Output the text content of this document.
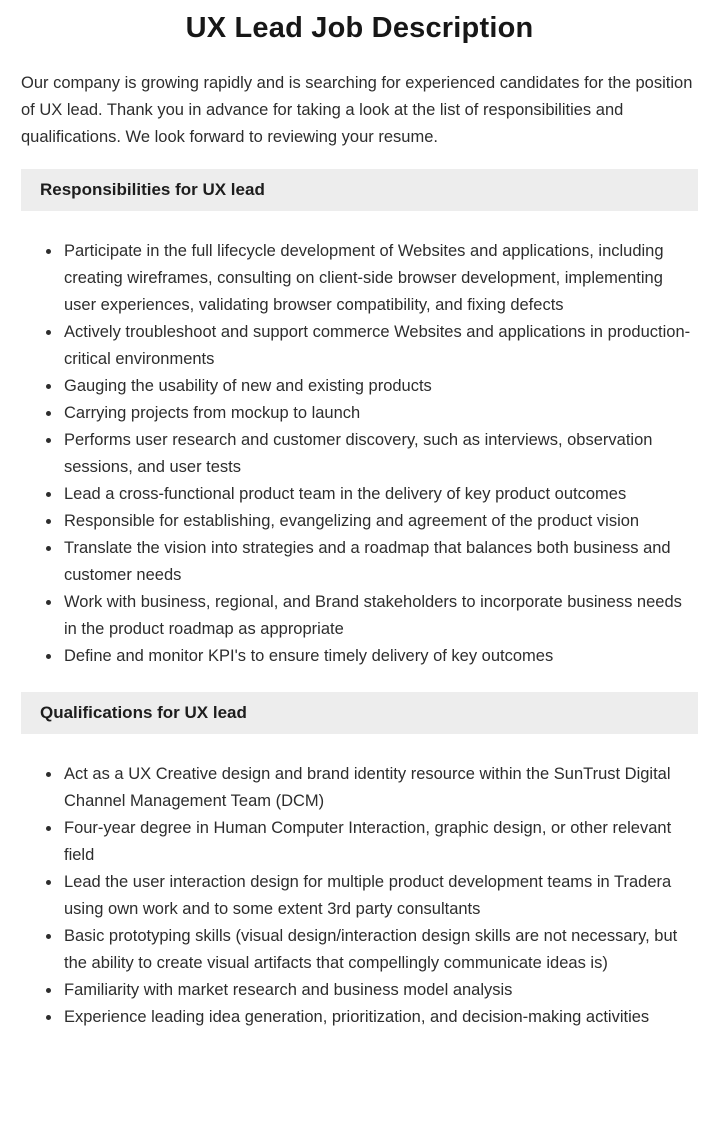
UX Lead Job Description

Our company is growing rapidly and is searching for experienced candidates for the position of UX lead. Thank you in advance for taking a look at the list of responsibilities and qualifications. We look forward to reviewing your resume.

Responsibilities for UX lead
• Participate in the full lifecycle development of Websites and applications, including creating wireframes, consulting on client-side browser development, implementing user experiences, validating browser compatibility, and fixing defects
• Actively troubleshoot and support commerce Websites and applications in production-critical environments
• Gauging the usability of new and existing products
• Carrying projects from mockup to launch
• Performs user research and customer discovery, such as interviews, observation sessions, and user tests
• Lead a cross-functional product team in the delivery of key product outcomes
• Responsible for establishing, evangelizing and agreement of the product vision
• Translate the vision into strategies and a roadmap that balances both business and customer needs
• Work with business, regional, and Brand stakeholders to incorporate business needs in the product roadmap as appropriate
• Define and monitor KPI's to ensure timely delivery of key outcomes
Qualifications for UX lead
• Act as a UX Creative design and brand identity resource within the SunTrust Digital Channel Management Team (DCM)
• Four-year degree in Human Computer Interaction, graphic design, or other relevant field
• Lead the user interaction design for multiple product development teams in Tradera using own work and to some extent 3rd party consultants
• Basic prototyping skills (visual design/interaction design skills are not necessary, but the ability to create visual artifacts that compellingly communicate ideas is)
• Familiarity with market research and business model analysis
• Experience leading idea generation, prioritization, and decision-making activities
